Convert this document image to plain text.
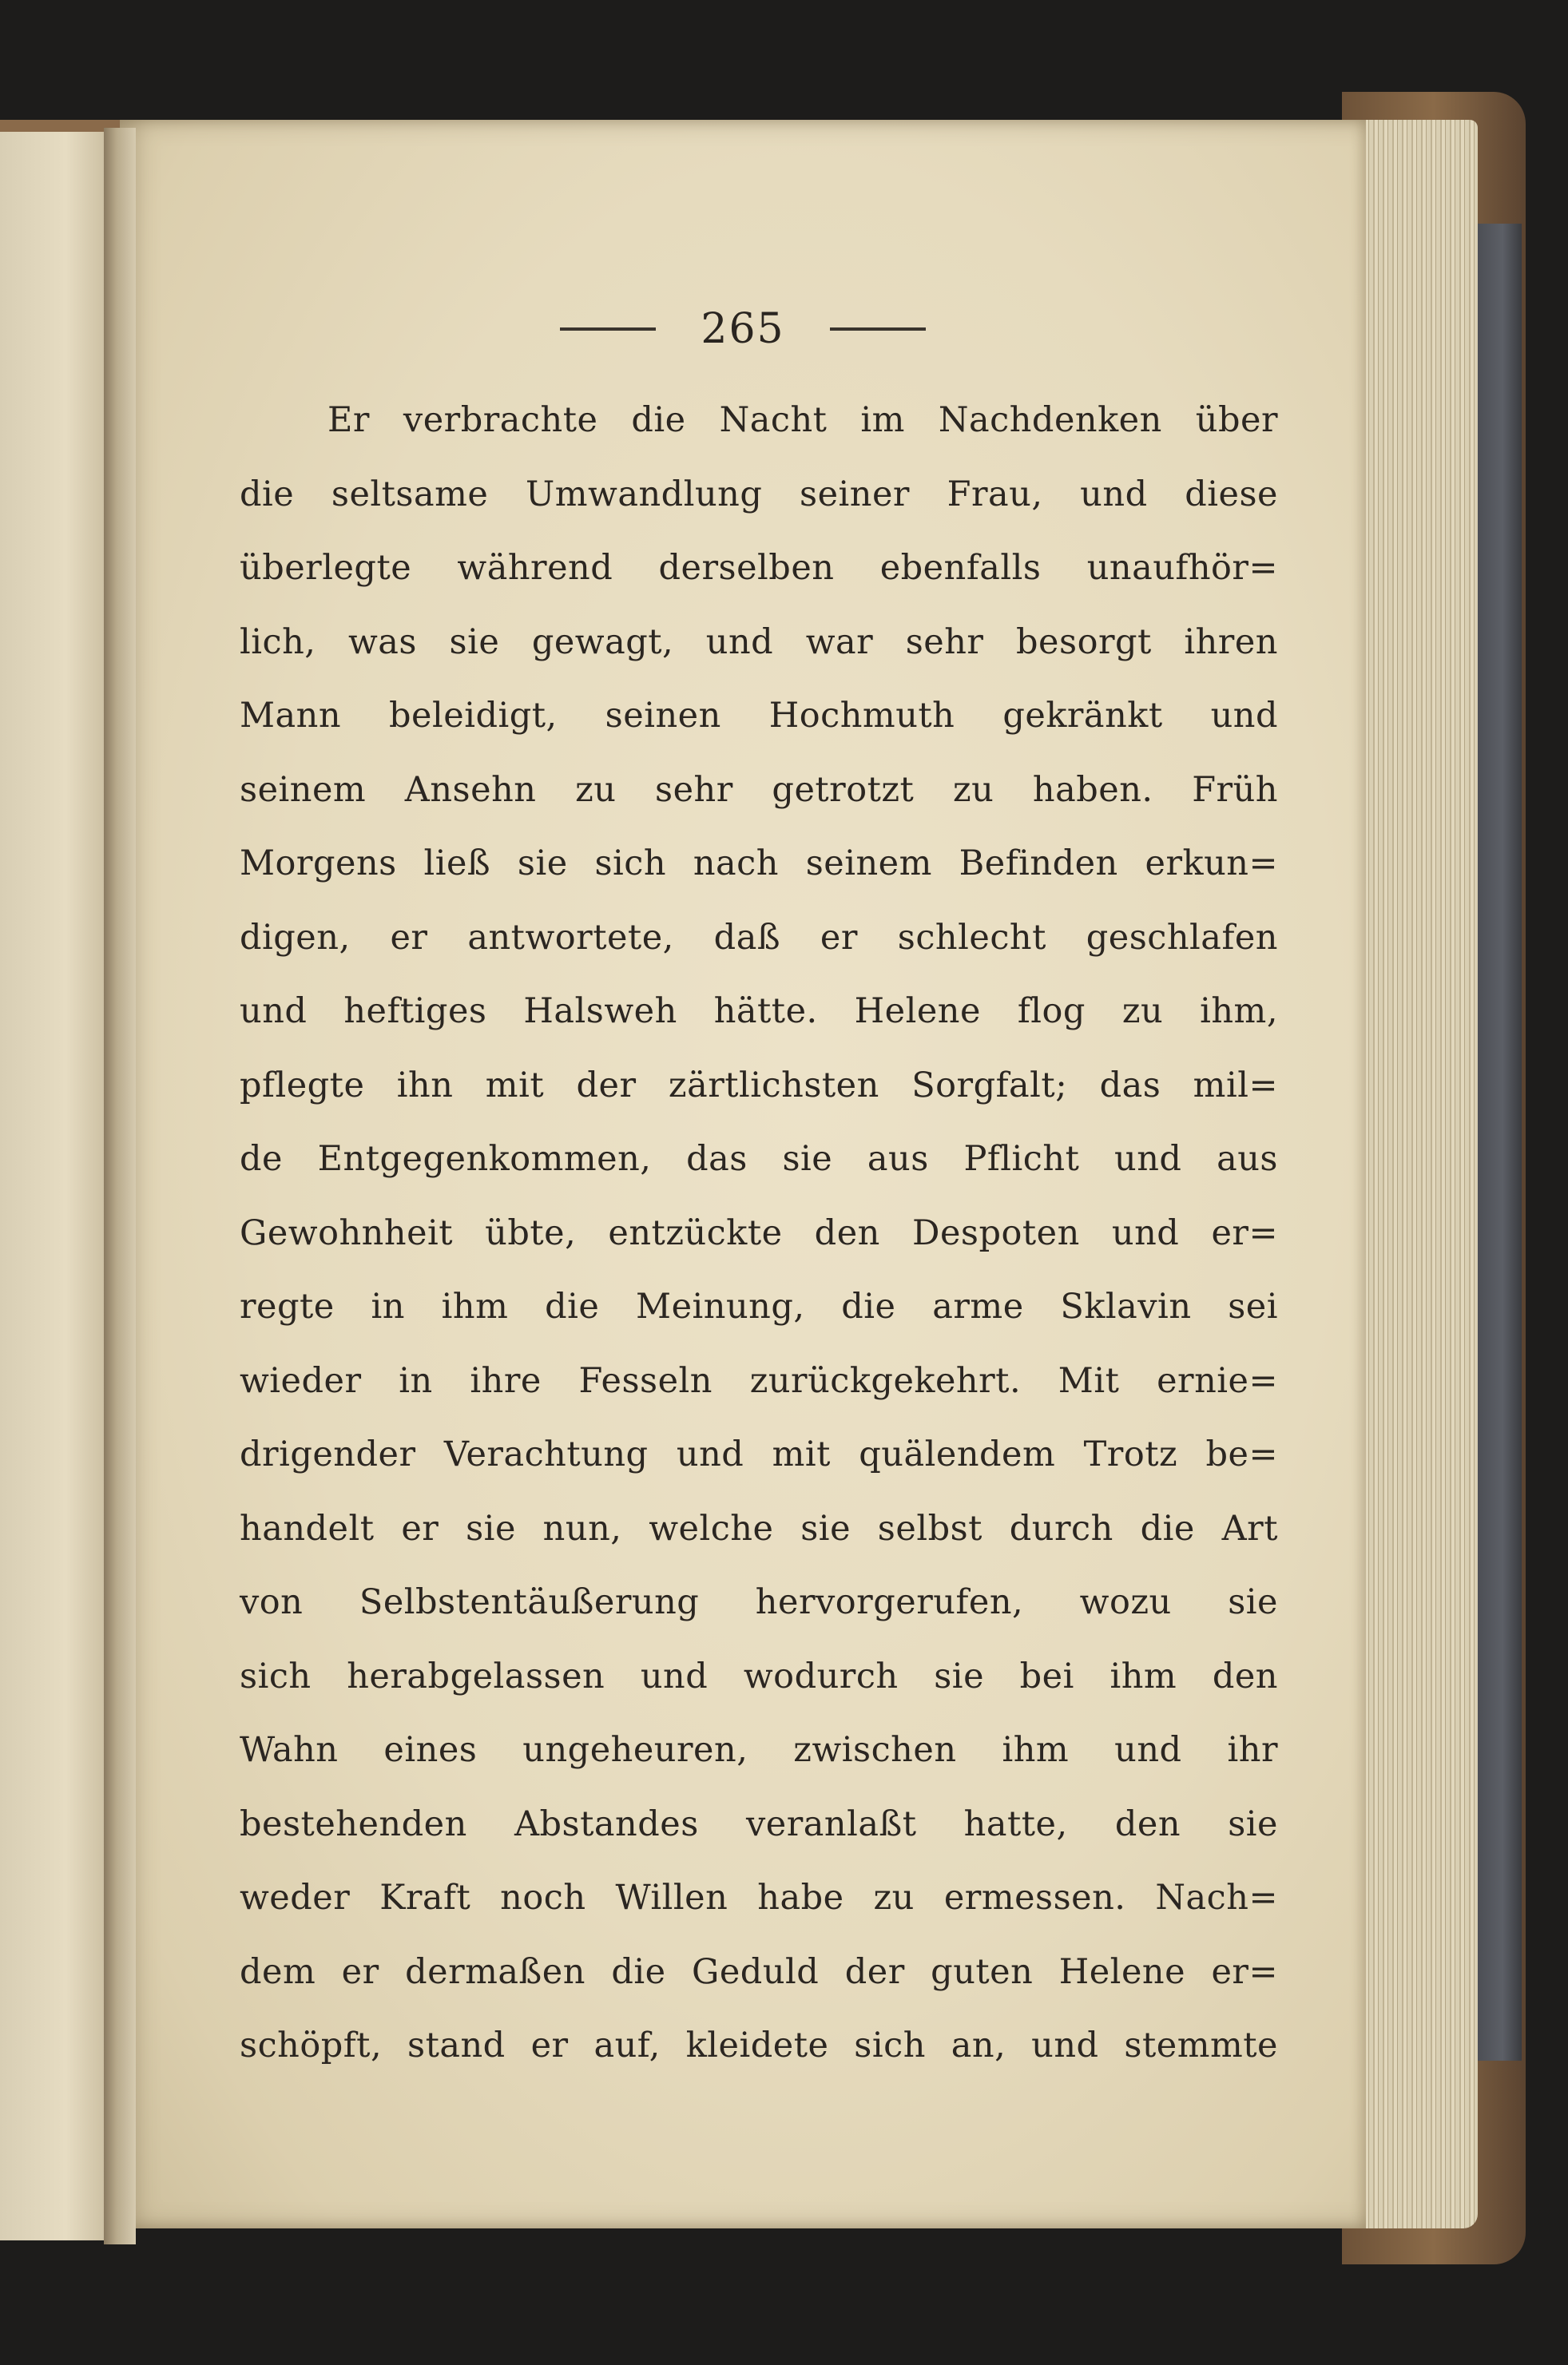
265
Er verbrachte die Nacht im Nachdenken über
die seltsame Umwandlung seiner Frau, und diese
überlegte während derselben ebenfalls unaufhör=
lich, was sie gewagt, und war sehr besorgt ihren
Mann beleidigt, seinen Hochmuth gekränkt und
seinem Ansehn zu sehr getrotzt zu haben. Früh
Morgens ließ sie sich nach seinem Befinden erkun=
digen, er antwortete, daß er schlecht geschlafen
und heftiges Halsweh hätte. Helene flog zu ihm,
pflegte ihn mit der zärtlichsten Sorgfalt; das mil=
de Entgegenkommen, das sie aus Pflicht und aus
Gewohnheit übte, entzückte den Despoten und er=
regte in ihm die Meinung, die arme Sklavin sei
wieder in ihre Fesseln zurückgekehrt. Mit ernie=
drigender Verachtung und mit quälendem Trotz be=
handelt er sie nun, welche sie selbst durch die Art
von Selbstentäußerung hervorgerufen, wozu sie
sich herabgelassen und wodurch sie bei ihm den
Wahn eines ungeheuren, zwischen ihm und ihr
bestehenden Abstandes veranlaßt hatte, den sie
weder Kraft noch Willen habe zu ermessen. Nach=
dem er dermaßen die Geduld der guten Helene er=
schöpft, stand er auf, kleidete sich an, und stemmte
